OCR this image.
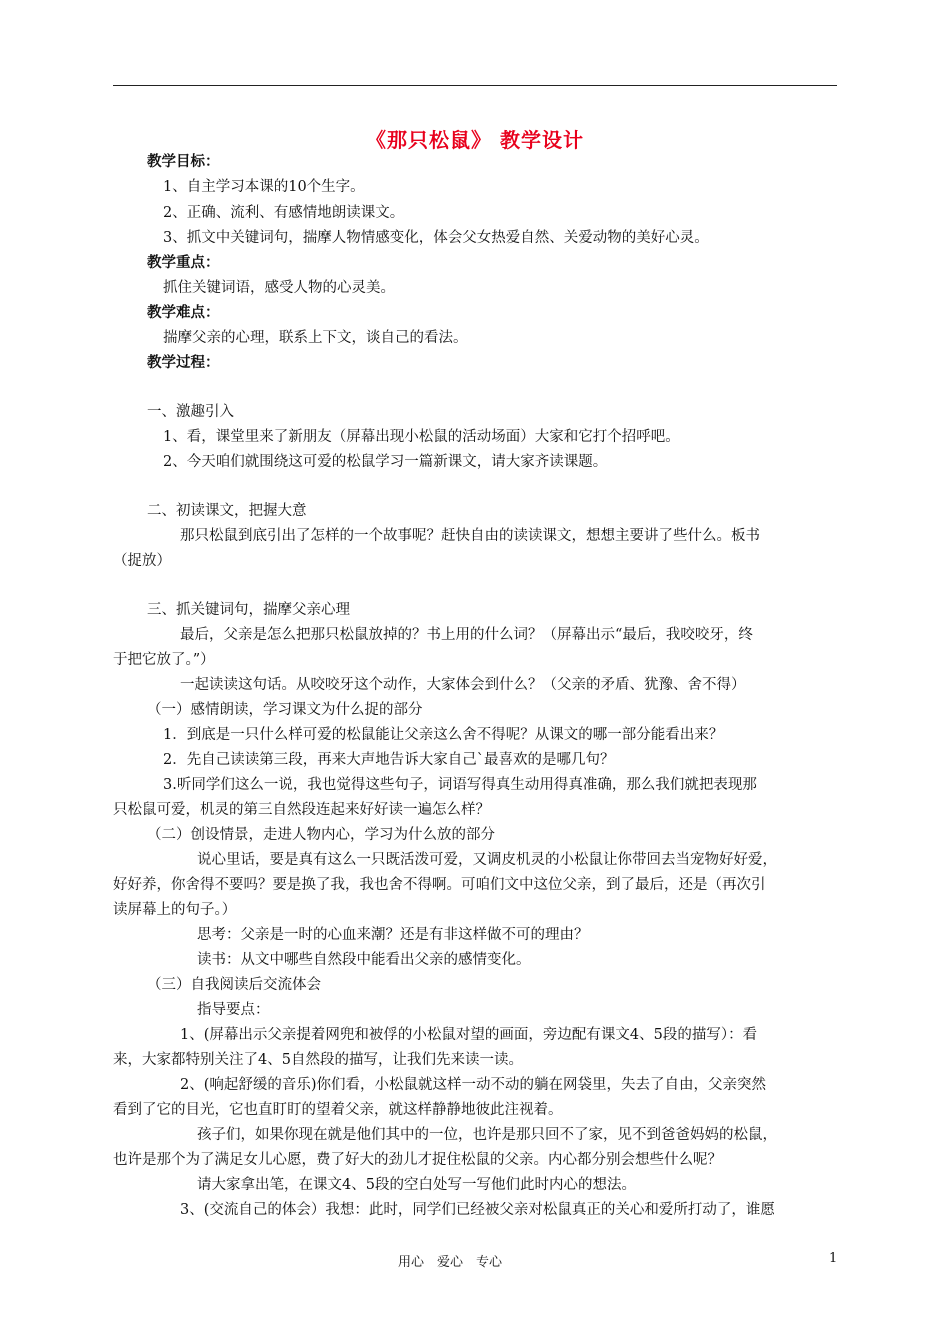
《那只松鼠》 教学设计
教学目标：
1、自主学习本课的10个生字。
2、正确、流利、有感情地朗读课文。
3、抓文中关键词句，揣摩人物情感变化，体会父女热爱自然、关爱动物的美好心灵。
教学重点：
抓住关键词语，感受人物的心灵美。
教学难点：
揣摩父亲的心理，联系上下文，谈自己的看法。
教学过程：
一、激趣引入
1、看，课堂里来了新朋友（屏幕出现小松鼠的活动场面）大家和它打个招呼吧。
2、今天咱们就围绕这可爱的松鼠学习一篇新课文，请大家齐读课题。
二、初读课文，把握大意
那只松鼠到底引出了怎样的一个故事呢？赶快自由的读读课文，想想主要讲了些什么。板书
（捉放）
三、抓关键词句，揣摩父亲心理
最后，父亲是怎么把那只松鼠放掉的？书上用的什么词？（屏幕出示“最后，我咬咬牙，终
于把它放了。”）
一起读读这句话。从咬咬牙这个动作，大家体会到什么？（父亲的矛盾、犹豫、舍不得）
（一）感情朗读，学习课文为什么捉的部分
1．到底是一只什么样可爱的松鼠能让父亲这么舍不得呢？从课文的哪一部分能看出来？
2．先自己读读第三段，再来大声地告诉大家自己`最喜欢的是哪几句？
3.听同学们这么一说，我也觉得这些句子，词语写得真生动用得真准确，那么我们就把表现那
只松鼠可爱，机灵的第三自然段连起来好好读一遍怎么样？
（二）创设情景，走进人物内心，学习为什么放的部分
说心里话，要是真有这么一只既活泼可爱，又调皮机灵的小松鼠让你带回去当宠物好好爱，
好好养，你舍得不要吗？要是换了我，我也舍不得啊。可咱们文中这位父亲，到了最后，还是（再次引
读屏幕上的句子。）
思考：父亲是一时的心血来潮？还是有非这样做不可的理由？
读书：从文中哪些自然段中能看出父亲的感情变化。
（三）自我阅读后交流体会
指导要点：
1、(屏幕出示父亲提着网兜和被俘的小松鼠对望的画面，旁边配有课文4、5段的描写）：看
来，大家都特别关注了4、5自然段的描写，让我们先来读一读。
2、(响起舒缓的音乐)你们看，小松鼠就这样一动不动的躺在网袋里，失去了自由，父亲突然
看到了它的目光，它也直盯盯的望着父亲，就这样静静地彼此注视着。
孩子们，如果你现在就是他们其中的一位，也许是那只回不了家，见不到爸爸妈妈的松鼠，
也许是那个为了满足女儿心愿，费了好大的劲儿才捉住松鼠的父亲。内心都分别会想些什么呢？
请大家拿出笔，在课文4、5段的空白处写一写他们此时内心的想法。
3、(交流自己的体会）我想：此时，同学们已经被父亲对松鼠真正的关心和爱所打动了，谁愿
用心　爱心　专心	1
